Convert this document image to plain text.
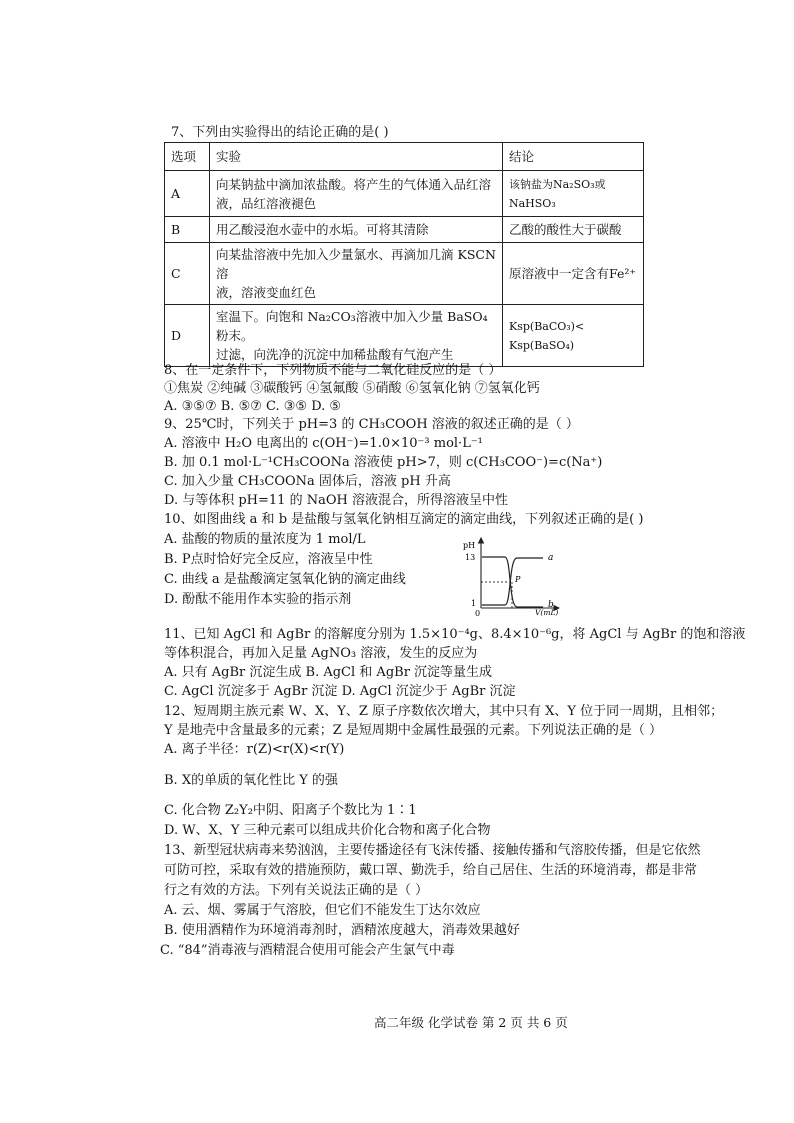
7、下列由实验得出的结论正确的是( )
选项	实验	结论
A	向某钠盐中滴加浓盐酸。将产生的气体通入品红溶
液，品红溶液褪色	该钠盐为Na₂SO₃或NaHSO₃
B	用乙酸浸泡水壶中的水垢。可将其清除	乙酸的酸性大于碳酸
C	向某盐溶液中先加入少量氯水、再滴加几滴 KSCN 溶
液，溶液变血红色	原溶液中一定含有Fe²⁺
D	室温下。向饱和 Na₂CO₃溶液中加入少量 BaSO₄粉末。
过滤，向洗净的沉淀中加稀盐酸有气泡产生	Ksp(BaCO₃)< Ksp(BaSO₄)
8、在一定条件下，下列物质不能与二氧化硅反应的是（ ）
①焦炭 ②纯碱 ③碳酸钙 ④氢氟酸 ⑤硝酸 ⑥氢氧化钠 ⑦氢氧化钙
A. ③⑤⑦ B. ⑤⑦ C. ③⑤ D. ⑤
9、25℃时，下列关于 pH=3 的 CH₃COOH 溶液的叙述正确的是（ ）
A. 溶液中 H₂O 电离出的 c(OH⁻)=1.0×10⁻³ mol·L⁻¹
B. 加 0.1 mol·L⁻¹CH₃COONa 溶液使 pH>7，则 c(CH₃COO⁻)=c(Na⁺)
C. 加入少量 CH₃COONa 固体后，溶液 pH 升高
D. 与等体积 pH=11 的 NaOH 溶液混合，所得溶液呈中性
10、如图曲线 a 和 b 是盐酸与氢氧化钠相互滴定的滴定曲线，下列叙述正确的是( )
A. 盐酸的物质的量浓度为 1 mol/L
B. P点时恰好完全反应，溶液呈中性
C. 曲线 a 是盐酸滴定氢氧化钠的滴定曲线
D. 酚酞不能用作本实验的指示剂
pH
13
1
0	V(mL)
a
b
P
11、已知 AgCl 和 AgBr 的溶解度分别为 1.5×10⁻⁴g、8.4×10⁻⁶g，将 AgCl 与 AgBr 的饱和溶液
等体积混合，再加入足量 AgNO₃ 溶液，发生的反应为
A. 只有 AgBr 沉淀生成 B. AgCl 和 AgBr 沉淀等量生成
C. AgCl 沉淀多于 AgBr 沉淀 D. AgCl 沉淀少于 AgBr 沉淀
12、短周期主族元素 W、X、Y、Z 原子序数依次增大，其中只有 X、Y 位于同一周期，且相邻；
Y 是地壳中含量最多的元素；Z 是短周期中金属性最强的元素。下列说法正确的是（ ）
A. 离子半径：r(Z)<r(X)<r(Y)
B. X的单质的氧化性比 Y 的强
C. 化合物 Z₂Y₂中阴、阳离子个数比为 1∶1
D. W、X、Y 三种元素可以组成共价化合物和离子化合物
13、新型冠状病毒来势汹汹，主要传播途径有飞沫传播、接触传播和气溶胶传播，但是它依然
可防可控，采取有效的措施预防，戴口罩、勤洗手，给自己居住、生活的环境消毒，都是非常
行之有效的方法。下列有关说法正确的是（ ）
A. 云、烟、雾属于气溶胶，但它们不能发生丁达尔效应
B. 使用酒精作为环境消毒剂时，酒精浓度越大，消毒效果越好
C. “84”消毒液与酒精混合使用可能会产生氯气中毒
高二年级 化学试卷 第 2 页 共 6 页
